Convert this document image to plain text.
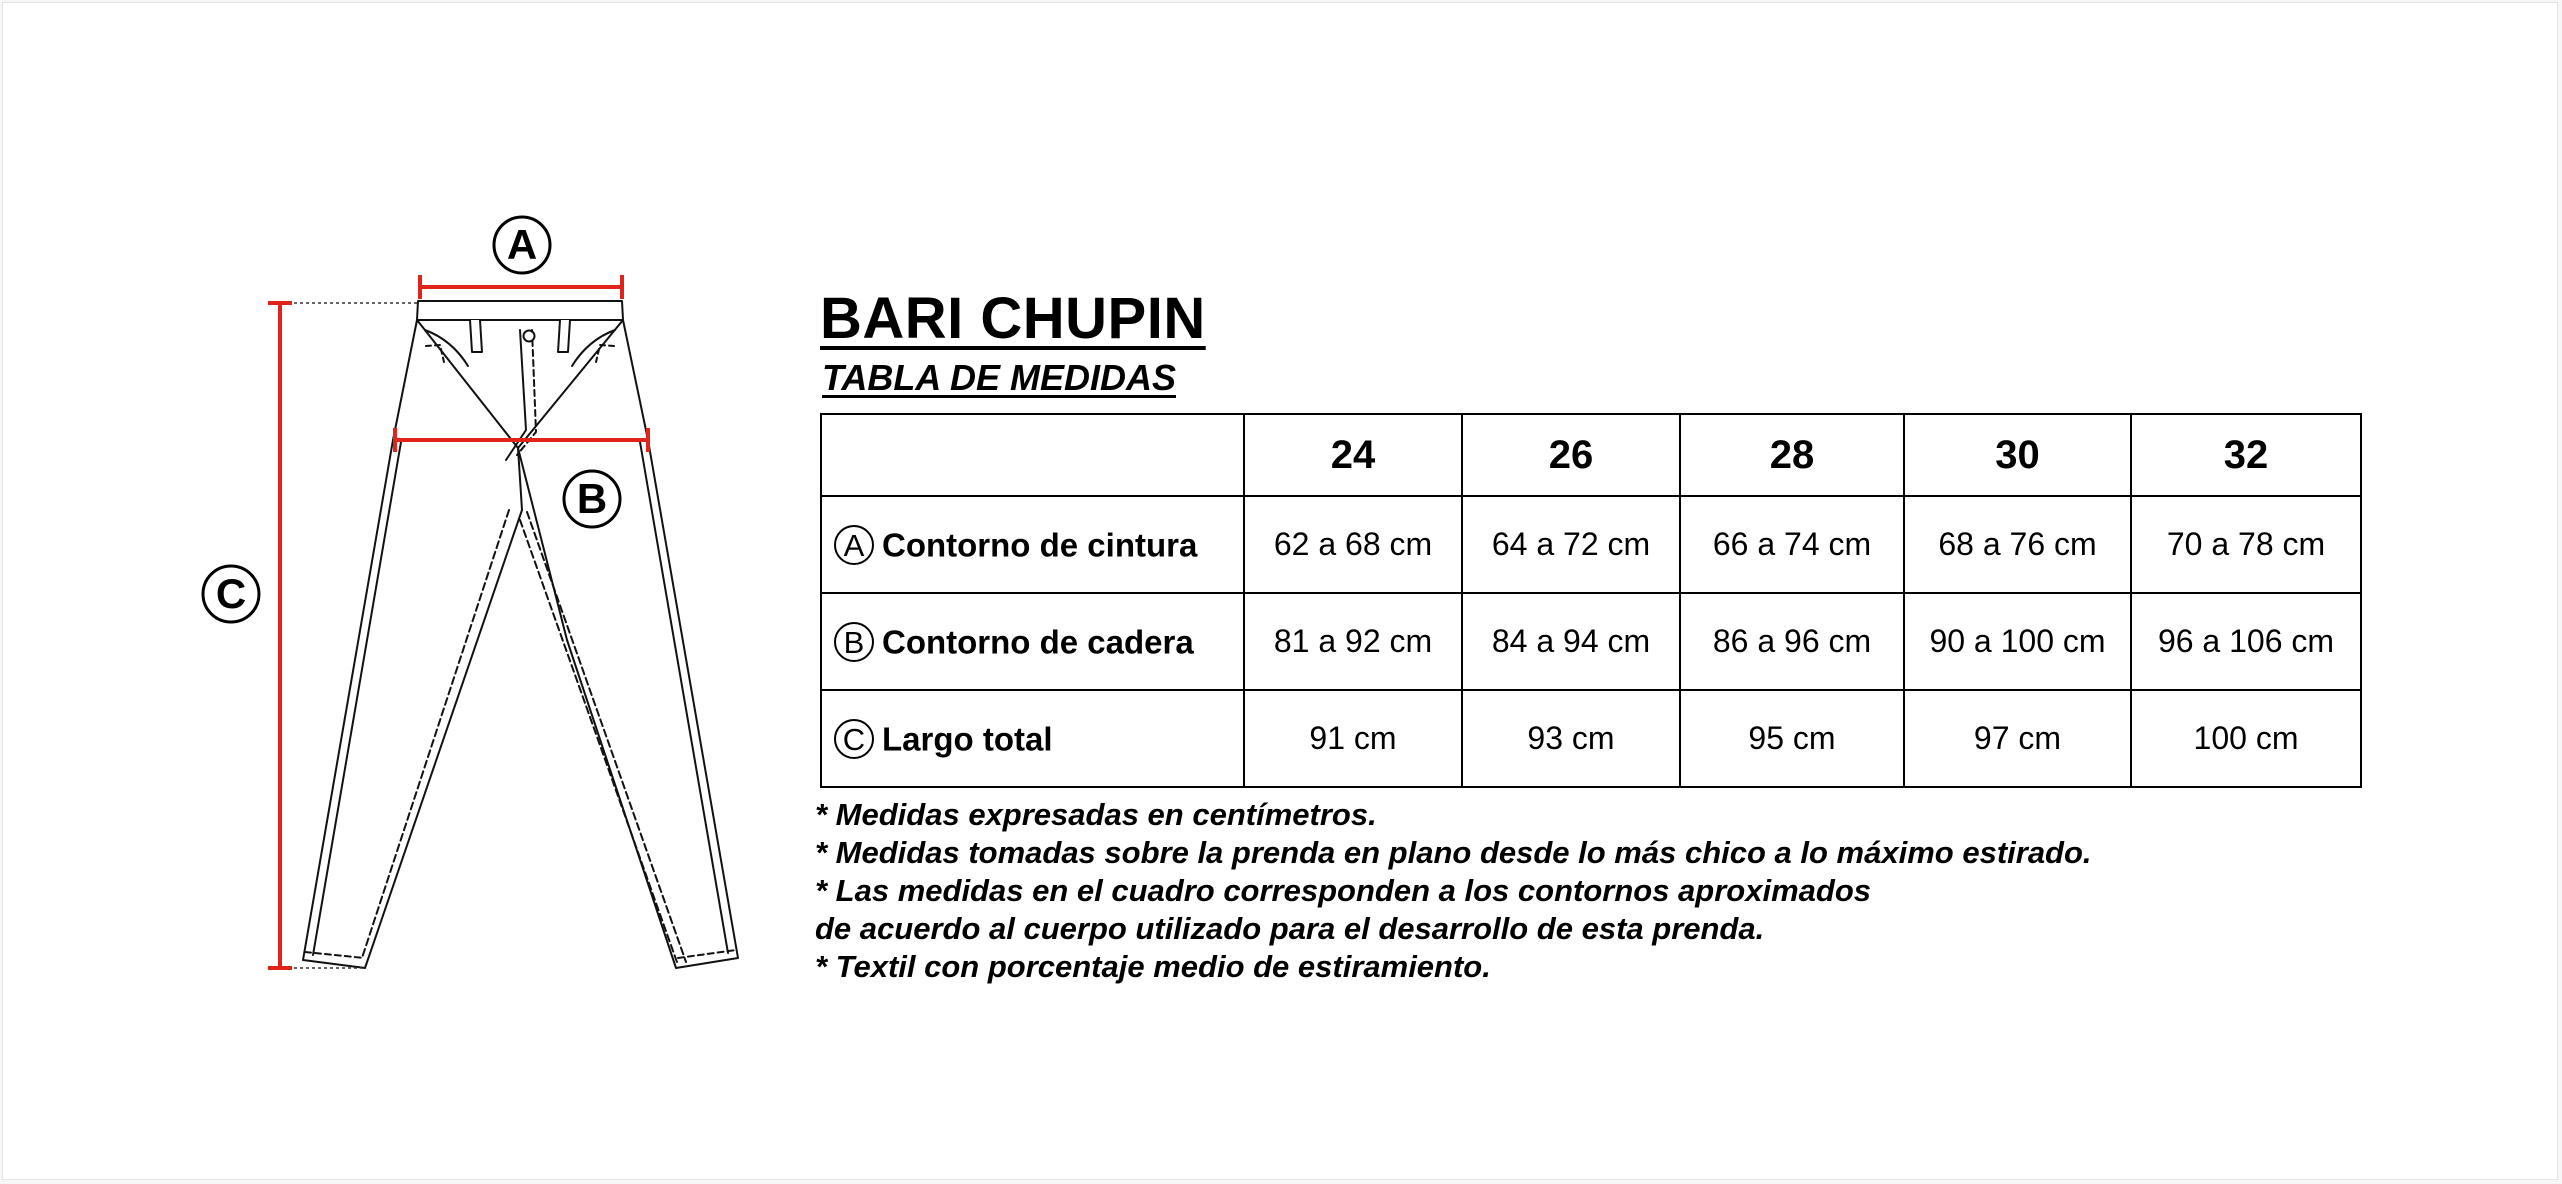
A
B
C
BARI CHUPIN
TABLA DE MEDIDAS
	24	26	28	30	32
A Contorno de cintura	62 a 68 cm	64 a 72 cm	66 a 74 cm	68 a 76 cm	70 a 78 cm
B Contorno de cadera	81 a 92 cm	84 a 94 cm	86 a 96 cm	90 a 100 cm	96 a 106 cm
C Largo total	91 cm	93 cm	95 cm	97 cm	100 cm
* Medidas expresadas en centímetros.
* Medidas tomadas sobre la prenda en plano desde lo más chico a lo máximo estirado.
* Las medidas en el cuadro corresponden a los contornos aproximados
de acuerdo al cuerpo utilizado para el desarrollo de esta prenda.
* Textil con porcentaje medio de estiramiento.
